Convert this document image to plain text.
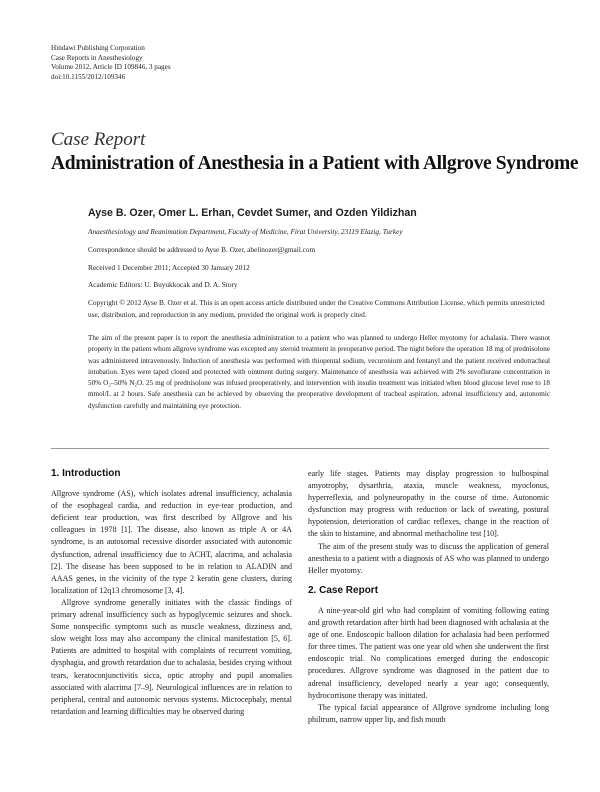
Hindawi Publishing Corporation
Case Reports in Anesthesiology
Volume 2012, Article ID 109846, 3 pages
doi:10.1155/2012/109346
Case Report
Administration of Anesthesia in a Patient with Allgrove Syndrome
Ayse B. Ozer, Omer L. Erhan, Cevdet Sumer, and Ozden Yildizhan
Anaesthesiology and Reanimation Department, Faculty of Medicine, Firat University, 23119 Elazig, Turkey
Correspondence should be addressed to Ayse B. Ozer, abelinozer@gmail.com
Received 1 December 2011; Accepted 30 January 2012
Academic Editors: U. Buyukkocak and D. A. Story
Copyright © 2012 Ayse B. Ozer et al. This is an open access article distributed under the Creative Commons Attribution License, which permits unrestricted use, distribution, and reproduction in any medium, provided the original work is properly cited.
The aim of the present paper is to report the anesthesia administration to a patient who was planned to undergo Heller myotomy for achalasia. There wasnot property in the patient whom allgrove syndrome was excepted any steroid treatment in preoperative period. The night before the operation 18 mg of prednisolone was administered intravenously. Induction of anesthesia was performed with thiopental sodium, vecuronium and fentanyl and the patient received endotracheal intubation. Eyes were taped closed and protected with ointment during surgery. Maintenance of anesthesia was achieved with 2% sevoflurane concentration in 50% O₂–50% N₂O. 25 mg of prednisolone was infused preoperatively, and intervention with insulin treatment was initiated when blood glucose level rose to 18 mmol/L at 2 hours. Safe anesthesia can be achieved by observing the preoperative development of tracheal aspiration, adrenal insufficiency and, autonomic dysfunction carefully and maintaining eye protection.
1. Introduction

Allgrove syndrome (AS), which isolates adrenal insufficiency, achalasia of the esophageal cardia, and reduction in eye-tear production, and deficient tear production, was first described by Allgrove and his colleagues in 1978 [1]. The disease, also known as triple A or 4A syndrome, is an autosomal recessive disorder associated with autonomic dysfunction, adrenal insufficiency due to ACHT, alacrima, and achalasia [2]. The disease has been supposed to be in relation to ALADIN and AAAS genes, in the vicinity of the type 2 keratin gene clusters, during localization of 12q13 chromosome [3, 4].

Allgrove syndrome generally initiates with the classic findings of primary adrenal insufficiency such as hypoglycemic seizures and shock. Some nonspecific symptoms such as muscle weakness, dizziness and, slow weight loss may also accompany the clinical manifestation [5, 6]. Patients are admitted to hospital with complaints of recurrent vomiting, dysphagia, and growth retardation due to achalasia, besides crying without tears, keratoconjunctivitis sicca, optic atrophy and pupil anomalies associated with alacrima [7–9]. Neurological influences are in relation to peripheral, central and autonomic nervous systems. Microcephaly, mental retardation and learning difficulties may be observed during

early life stages. Patients may display progression to bulbospinal amyotrophy, dysarthria, ataxia, muscle weakness, myoclonus, hyperreflexia, and polyneuropathy in the course of time. Autonomic dysfunction may progress with reduction or lack of sweating, postural hypotension, deterioration of cardiac reflexes, change in the reaction of the skin to histamine, and abnormal methacholine test [10].

The aim of the present study was to discuss the application of general anesthesia to a patient with a diagnosis of AS who was planned to undergo Heller myotomy.

2. Case Report

A nine-year-old girl who had complaint of vomiting following eating and growth retardation after birth had been diagnosed with achalasia at the age of one. Endoscopic balloon dilation for achalasia had been performed for three times. The patient was one year old when she underwent the first endoscopic trial. No complications emerged during the endoscopic procedures. Allgrove syndrome was diagnosed in the patient due to adrenal insufficiency, developed nearly a year ago; consequently, hydrocortisone therapy was initiated.

The typical facial appearance of Allgrove syndrome including long philtrum, narrow upper lip, and fish mouth
